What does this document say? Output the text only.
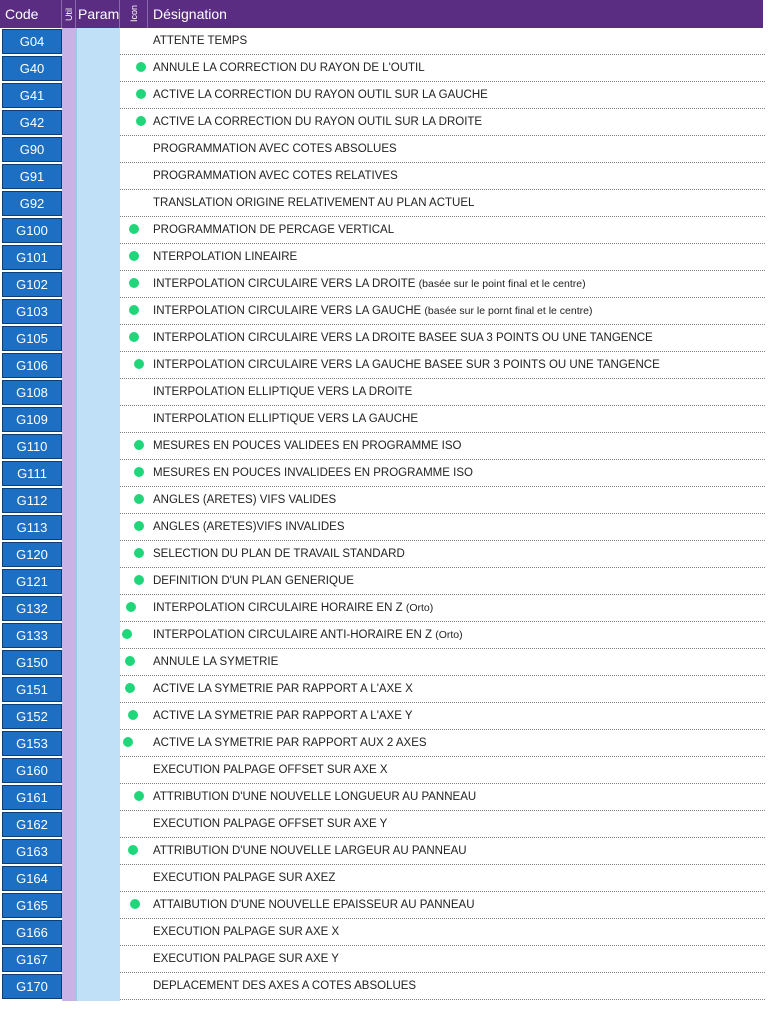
Code	Util Param Icon	Désignation
G04	ATTENTE TEMPS
G40	ANNULE LA CORRECTION DU RAYON DE L'OUTIL
G41	ACTIVE LA CORRECTION DU RAYON OUTIL SUR LA GAUCHE
G42	ACTIVE LA CORRECTION DU RAYON OUTIL SUR LA DROITE
G90	PROGRAMMATION AVEC COTES ABSOLUES
G91	PROGRAMMATION AVEC COTES RELATIVES
G92	TRANSLATION ORIGINE RELATIVEMENT AU PLAN ACTUEL
G100	PROGRAMMATION DE PERCAGE VERTICAL
G101	NTERPOLATION LINEAIRE
G102	INTERPOLATION CIRCULAIRE VERS LA DROITE (basée sur le point final et le centre)
G103	INTERPOLATION CIRCULAIRE VERS LA GAUCHE (basée sur le pornt final et le centre)
G105	INTERPOLATION CIRCULAIRE VERS LA DROITE BASEE SUA 3 POINTS OU UNE TANGENCE
G106	INTERPOLATION CIRCULAIRE VERS LA GAUCHE BASEE SUR 3 POINTS OU UNE TANGENCE
G108	INTERPOLATION ELLIPTIQUE VERS LA DROITE
G109	INTERPOLATION ELLIPTIQUE VERS LA GAUCHE
G110	MESURES EN POUCES VALIDEES EN PROGRAMME ISO
G111	MESURES EN POUCES INVALIDEES EN PROGRAMME ISO
G112	ANGLES (ARETES) VIFS VALIDES
G113	ANGLES (ARETES)VIFS INVALIDES
G120	SELECTION DU PLAN DE TRAVAIL STANDARD
G121	DEFINITION D'UN PLAN GENERIQUE
G132	INTERPOLATION CIRCULAIRE HORAIRE EN Z (Orto)
G133	INTERPOLATION CIRCULAIRE ANTI-HORAIRE EN Z (Orto)
G150	ANNULE LA SYMETRIE
G151	ACTIVE LA SYMETRIE PAR RAPPORT A L'AXE X
G152	ACTIVE LA SYMETRIE PAR RAPPORT A L'AXE Y
G153	ACTIVE LA SYMETRIE PAR RAPPORT AUX 2 AXES
G160	EXECUTION PALPAGE OFFSET SUR AXE X
G161	ATTRIBUTION D'UNE NOUVELLE LONGUEUR AU PANNEAU
G162	EXECUTION PALPAGE OFFSET SUR AXE Y
G163	ATTRIBUTION D'UNE NOUVELLE LARGEUR AU PANNEAU
G164	EXECUTION PALPAGE SUR AXEZ
G165	ATTAIBUTION D'UNE NOUVELLE EPAISSEUR AU PANNEAU
G166	EXECUTION PALPAGE SUR AXE X
G167	EXECUTION PALPAGE SUR AXE Y
G170	DEPLACEMENT DES AXES A COTES ABSOLUES
